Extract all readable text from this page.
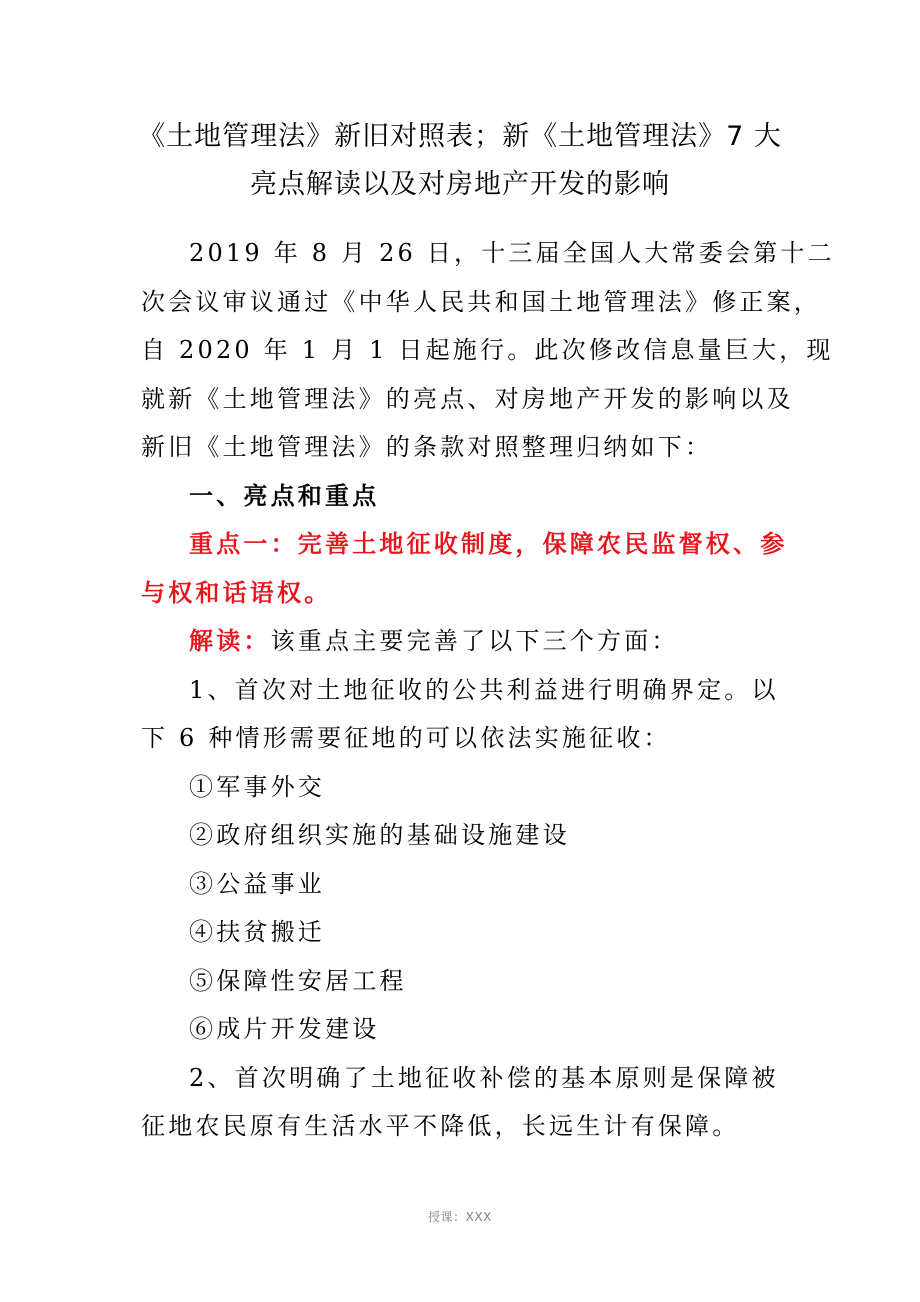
《土地管理法》新旧对照表；新《土地管理法》7 大
亮点解读以及对房地产开发的影响
2019 年 8 月 26 日，十三届全国人大常委会第十二
次会议审议通过《中华人民共和国土地管理法》修正案，
自 2020 年 1 月 1 日起施行。此次修改信息量巨大，现
就新《土地管理法》的亮点、对房地产开发的影响以及
新旧《土地管理法》的条款对照整理归纳如下：
一、亮点和重点
重点一：完善土地征收制度，保障农民监督权、参
与权和话语权。
解读：该重点主要完善了以下三个方面：
1、首次对土地征收的公共利益进行明确界定。以
下 6 种情形需要征地的可以依法实施征收：
①军事外交
②政府组织实施的基础设施建设
③公益事业
④扶贫搬迁
⑤保障性安居工程
⑥成片开发建设
2、首次明确了土地征收补偿的基本原则是保障被
征地农民原有生活水平不降低，长远生计有保障。
授课：XXX
